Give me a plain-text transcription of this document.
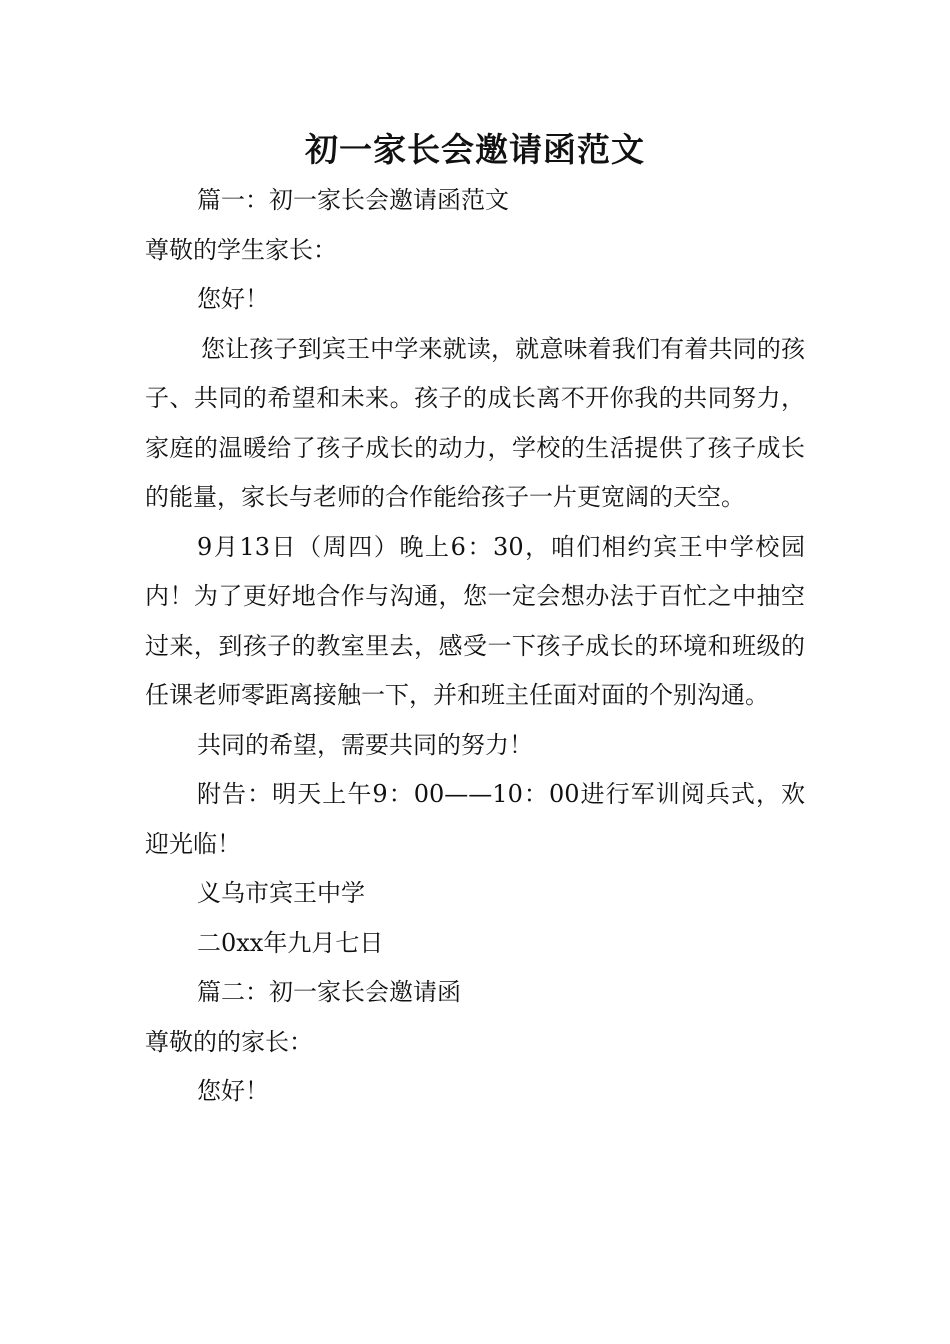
初一家长会邀请函范文

篇一：初一家长会邀请函范文

尊敬的学生家长：

您好！

您让孩子到宾王中学来就读，就意味着我们有着共同的孩子、共同的希望和未来。孩子的成长离不开你我的共同努力，家庭的温暖给了孩子成长的动力，学校的生活提供了孩子成长的能量，家长与老师的合作能给孩子一片更宽阔的天空。

9月13日（周四）晚上6：30，咱们相约宾王中学校园内！为了更好地合作与沟通，您一定会想办法于百忙之中抽空过来，到孩子的教室里去，感受一下孩子成长的环境和班级的任课老师零距离接触一下，并和班主任面对面的个别沟通。

共同的希望，需要共同的努力！

附告：明天上午9：00——10：00进行军训阅兵式，欢迎光临！

义乌市宾王中学

二0xx年九月七日

篇二：初一家长会邀请函

尊敬的的家长：

您好！
